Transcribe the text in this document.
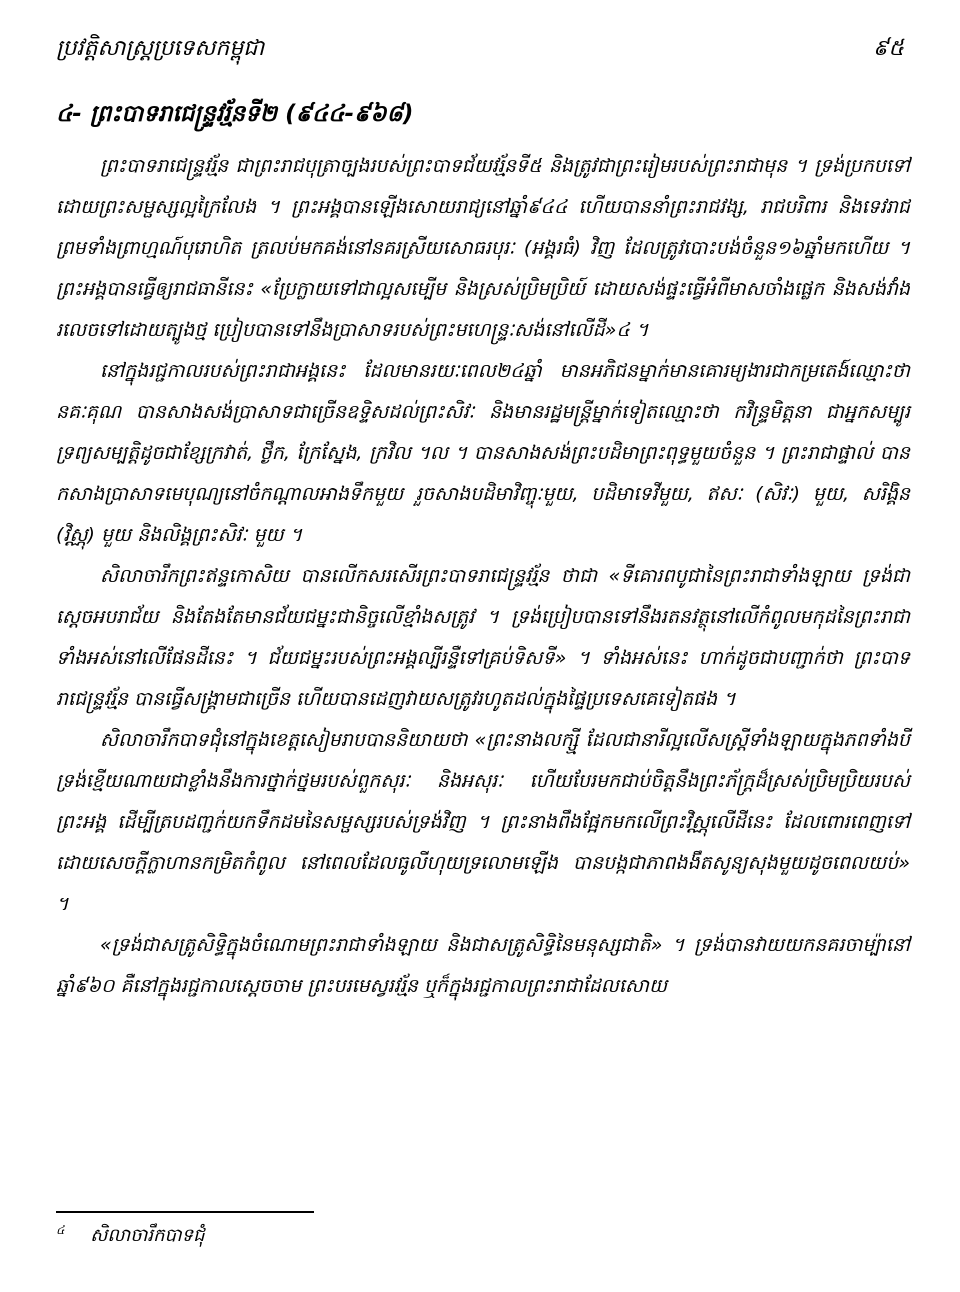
ប្រវត្តិសាស្ត្រប្រទេសកម្ពុជា	៩៥
៤- ព្រះបាទរាជេន្ទ្រវរ្ម័នទី២ (៩៤៤-៩៦៨)

ព្រះបាទរាជេន្ទ្រវរ្ម័ន ជាព្រះរាជបុត្រាច្បងរបស់ព្រះបាទជ័យវរ្ម័នទី៥ និងត្រូវជាព្រះរៀមរបស់ព្រះរាជាមុន ។ ទ្រង់ប្រកបទៅដោយព្រះសម្ផស្សល្អក្រៃលែង ។ ព្រះអង្គបានឡើងសោយរាជ្យនៅឆ្នាំ៩៤៤ ហើយបាននាំព្រះរាជវង្ស, រាជបរិពារ និងទេវរាជ ព្រមទាំងព្រាហ្មណ៍បុរោហិត ត្រលប់មកគង់នៅនគរស្រីយសោធរបុរៈ (អង្គរធំ) វិញ ដែលត្រូវបោះបង់ចំនួន១៦ឆ្នាំមកហើយ ។ ព្រះអង្គបានធ្វើឲ្យរាជធានីនេះ «ប្រែក្លាយទៅជាល្អសម្បើម និងស្រស់ប្រិមប្រិយ៍ ដោយសង់ផ្ទះធ្វើអំពីមាសចាំងផ្លេក និងសង់វាំងរលេចទៅដោយត្បូងថ្ម ប្រៀបបានទៅនឹងប្រាសាទរបស់ព្រះមហេន្ទ្រៈសង់នៅលើដី»៤ ។

នៅក្នុងរជ្ជកាលរបស់ព្រះរាជាអង្គនេះ ដែលមានរយៈពេល២៤ឆ្នាំ មានអភិជនម្នាក់មានគោរម្យងារជាកម្រតេង៍ឈ្មោះថា នគៈគុណ បានសាងសង់ប្រាសាទជាច្រើនឧទ្ទិសដល់ព្រះសិវៈ និងមានរដ្ឋមន្ត្រីម្នាក់ទៀតឈ្មោះថា កវិន្ទ្រមិត្តនា ជាអ្នកសម្បូរទ្រព្យសម្បត្តិដូចជាខ្សែក្រវាត់, ថ្ងឹក, ក្រែស្នែង, ក្រវិល ។ល ។ បានសាងសង់ព្រះបដិមាព្រះពុទ្ធមួយចំនួន ។ ព្រះរាជាផ្ទាល់ បានកសាងប្រាសាទមេបុណ្យនៅចំកណ្ដាលអាងទឹកមួយ រួចសាងបដិមាវិញ្ចុៈមួយ, បដិមាទេវីមួយ, ឥសៈ (សិវៈ) មួយ, សរិង្គិន (វិស្ណុ) មួយ និងលិង្គព្រះសិវៈ មួយ ។

សិលាចារឹកព្រះឥន្ទកោសិយ បានលើកសរសើរព្រះបាទរាជេន្ទ្រវរ្ម័ន ថាជា «ទីគោរពបូជានៃព្រះរាជាទាំងឡាយ ទ្រង់ជាស្ដេចអបរាជ័យ និងតែងតែមានជ័យជម្នះជានិច្ចលើខ្មាំងសត្រូវ ។ ទ្រង់ប្រៀបបានទៅនឹងរតនវត្ថុនៅលើកំពូលមកុដនៃព្រះរាជាទាំងអស់នៅលើផែនដីនេះ ។ ជ័យជម្នះរបស់ព្រះអង្គល្បីរន្ទឺទៅគ្រប់ទិសទី» ។ ទាំងអស់នេះ ហាក់ដូចជាបញ្ជាក់ថា ព្រះបាទរាជេន្ទ្រវរ្ម័ន បានធ្វើសង្គ្រាមជាច្រើន ហើយបានដេញវាយសត្រូវរហូតដល់ក្នុងផ្ទៃប្រទេសគេទៀតផង ។

សិលាចារឹកបាទជុំនៅក្នុងខេត្តសៀមរាបបាននិយាយថា «ព្រះនាងលក្ស្មី ដែលជានារីល្អលើសស្ត្រីទាំងឡាយក្នុងភពទាំងបី ទ្រង់ខ្មើយណាយជាខ្លាំងនឹងការថ្នាក់ថ្នមរបស់ពួកសុរៈ និងអសុរៈ ហើយបែរមកជាប់ចិត្តនឹងព្រះភ័ក្ត្រដ៏ស្រស់ប្រិមប្រិយរបស់ព្រះអង្គ ដើម្បីត្របដញ្ជក់យកទឹកដមនៃសម្ផស្សរបស់ទ្រង់វិញ ។ ព្រះនាងពឹងផ្អែកមកលើព្រះវិស្ណុលើដីនេះ ដែលពោរពេញទៅដោយសេចក្ដីក្លាហានកម្រិតកំពូល នៅពេលដែលធូលីហុយទ្រលោមឡើង បានបង្កជាភាពងងឹតសូន្យសុងមួយដូចពេលយប់» ។

«ទ្រង់ជាសត្រូសិទ្ធិក្នុងចំណោមព្រះរាជាទាំងឡាយ និងជាសត្រូសិទ្ធិនៃមនុស្សជាតិ» ។ ទ្រង់បានវាយយកនគរចាម្ប៉ានៅឆ្នាំ៩៦០ គឺនៅក្នុងរជ្ជកាលស្ដេចចាម ព្រះបរមេស្វរវរ្ម័ន ឬក៏ក្នុងរជ្ជកាលព្រះរាជាដែលសោយ

$^៤$ សិលាចារឹកបាទជុំ
